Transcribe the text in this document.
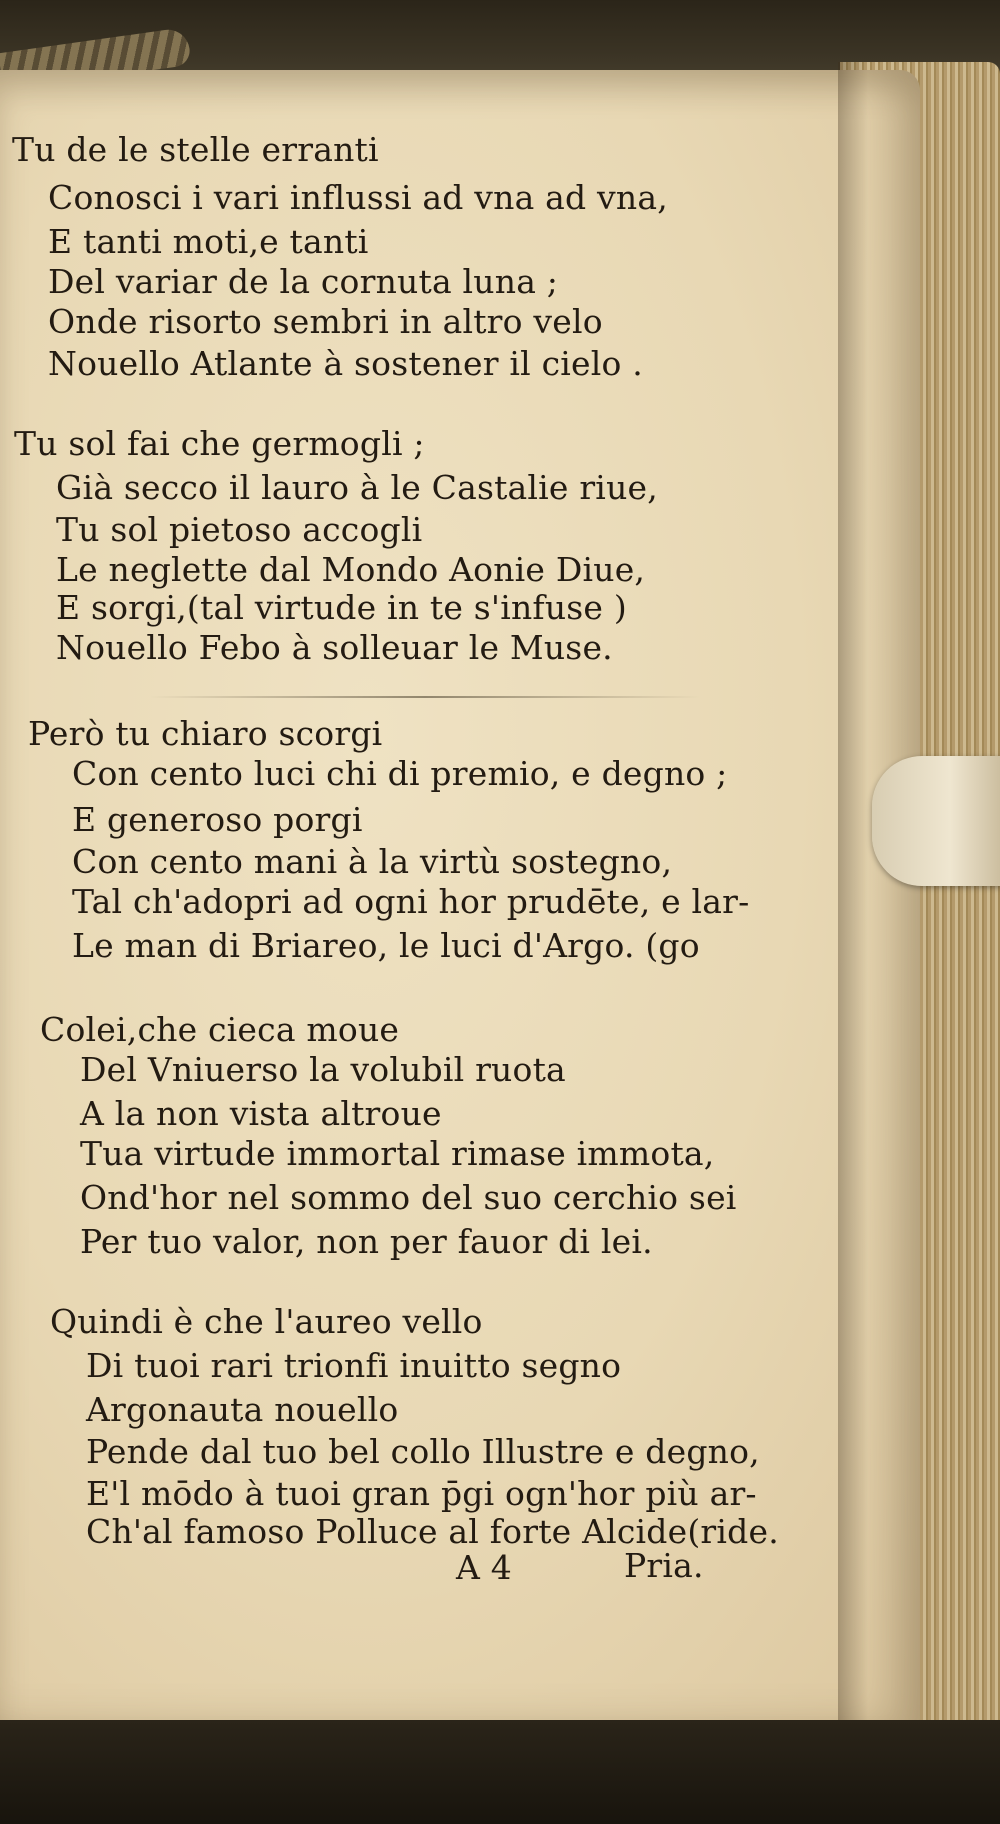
Tu de le stelle erranti
Conosci i vari influssi ad vna ad vna,
E tanti moti,e tanti
Del variar de la cornuta luna ;
Onde risorto sembri in altro velo
Nouello Atlante à sostener il cielo .
Tu sol fai che germogli ;
Già secco il lauro à le Castalie riue,
Tu sol pietoso accogli
Le neglette dal Mondo Aonie Diue,
E sorgi,(tal virtude in te s'infuse )
Nouello Febo à solleuar le Muse.
Però tu chiaro scorgi
Con cento luci chi di premio, e degno ;
E generoso porgi
Con cento mani à la virtù sostegno,
Tal ch'adopri ad ogni hor prudēte, e lar-
Le man di Briareo, le luci d'Argo. (go
Colei,che cieca moue
Del Vniuerso la volubil ruota
A la non vista altroue
Tua virtude immortal rimase immota,
Ond'hor nel sommo del suo cerchio sei
Per tuo valor, non per fauor di lei.
Quindi è che l'aureo vello
Di tuoi rari trionfi inuitto segno
Argonauta nouello
Pende dal tuo bel collo Illustre e degno,
E'l mōdo à tuoi gran p̄gi ogn'hor più ar-
Ch'al famoso Polluce al forte Alcide(ride.
A 4	Pria.
